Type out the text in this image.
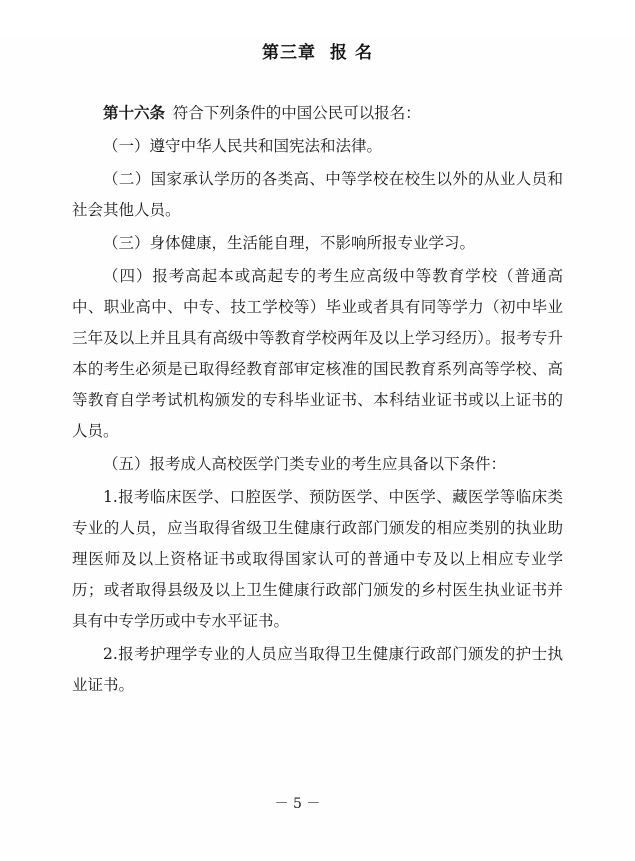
第三章 报 名

第十六条 符合下列条件的中国公民可以报名：

（一）遵守中华人民共和国宪法和法律。

（二）国家承认学历的各类高、中等学校在校生以外的从业人员和社会其他人员。

（三）身体健康，生活能自理，不影响所报专业学习。

（四）报考高起本或高起专的考生应高级中等教育学校（普通高中、职业高中、中专、技工学校等）毕业或者具有同等学力（初中毕业三年及以上并且具有高级中等教育学校两年及以上学习经历）。报考专升本的考生必须是已取得经教育部审定核准的国民教育系列高等学校、高等教育自学考试机构颁发的专科毕业证书、本科结业证书或以上证书的人员。

（五）报考成人高校医学门类专业的考生应具备以下条件：

1.报考临床医学、口腔医学、预防医学、中医学、藏医学等临床类专业的人员，应当取得省级卫生健康行政部门颁发的相应类别的执业助理医师及以上资格证书或取得国家认可的普通中专及以上相应专业学历；或者取得县级及以上卫生健康行政部门颁发的乡村医生执业证书并具有中专学历或中专水平证书。

2.报考护理学专业的人员应当取得卫生健康行政部门颁发的护士执业证书。

－ 5 －
